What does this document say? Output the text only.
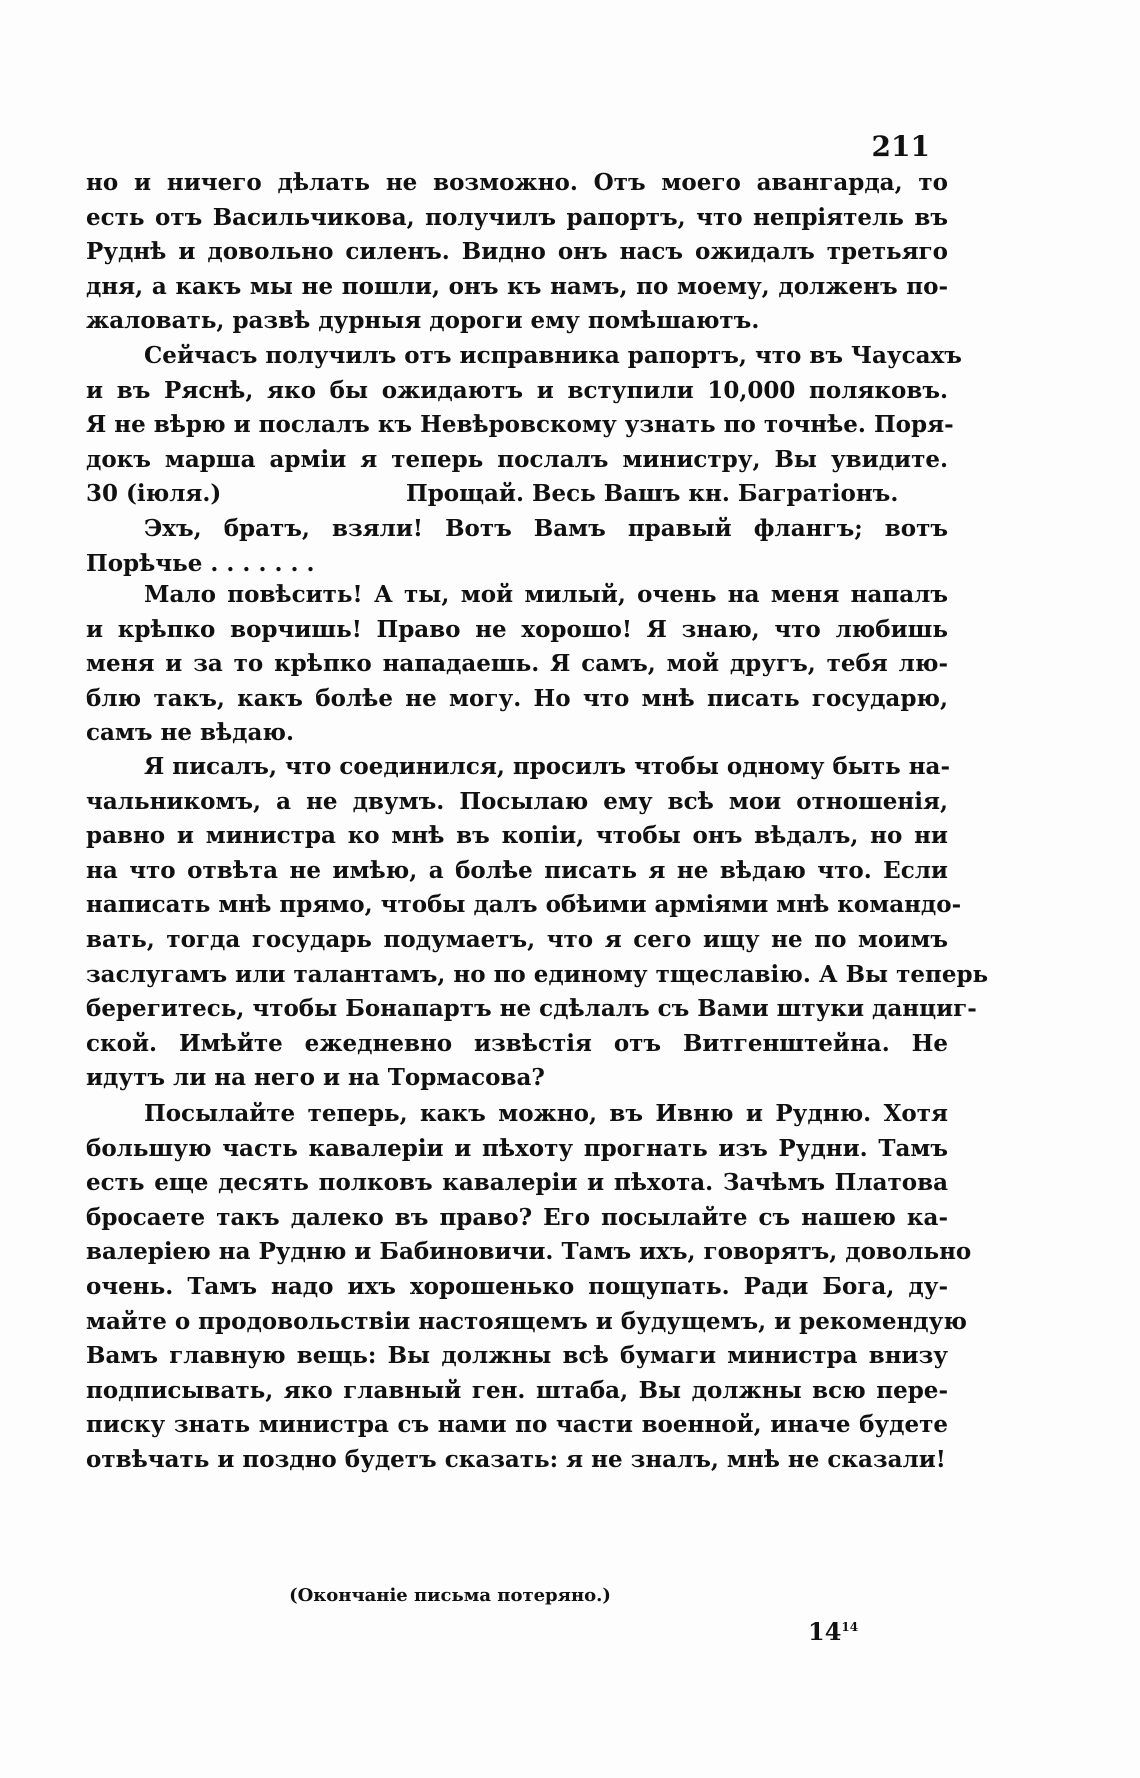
211
но и ничего дѣлать не возможно. Отъ моего авангарда, то
есть отъ Васильчикова, получилъ рапортъ, что непріятель въ
Руднѣ и довольно силенъ. Видно онъ насъ ожидалъ третьяго
дня, а какъ мы не пошли, онъ къ намъ, по моему, долженъ по-
жаловать, развѣ дурныя дороги ему помѣшаютъ.
Сейчасъ получилъ отъ исправника рапортъ, что въ Чаусахъ
и въ Ряснѣ, яко бы ожидаютъ и вступили 10,000 поляковъ.
Я не вѣрю и послалъ къ Невѣровскому узнать по точнѣе. Поря-
докъ марша арміи я теперь послалъ министру, Вы увидите.
30 (іюля.)	Прощай. Весь Вашъ кн. Багратіонъ.
Эхъ, братъ, взяли! Вотъ Вамъ правый флангъ; вотъ
Порѣчье . . . . . . .
Мало повѣсить! А ты, мой милый, очень на меня напалъ
и крѣпко ворчишь! Право не хорошо! Я знаю, что любишь
меня и за то крѣпко нападаешь. Я самъ, мой другъ, тебя лю-
блю такъ, какъ болѣе не могу. Но что мнѣ писать государю,
самъ не вѣдаю.
Я писалъ, что соединился, просилъ чтобы одному быть на-
чальникомъ, а не двумъ. Посылаю ему всѣ мои отношенія,
равно и министра ко мнѣ въ копіи, чтобы онъ вѣдалъ, но ни
на что отвѣта не имѣю, а болѣе писать я не вѣдаю что. Если
написать мнѣ прямо, чтобы далъ обѣими арміями мнѣ командо-
вать, тогда государь подумаетъ, что я сего ищу не по моимъ
заслугамъ или талантамъ, но по единому тщеславію. А Вы теперь
берегитесь, чтобы Бонапартъ не сдѣлалъ съ Вами штуки данциг-
ской. Имѣйте ежедневно извѣстія отъ Витгенштейна. Не
идутъ ли на него и на Тормасова?
Посылайте теперь, какъ можно, въ Ивню и Рудню. Хотя
большую часть кавалеріи и пѣхоту прогнать изъ Рудни. Тамъ
есть еще десять полковъ кавалеріи и пѣхота. Зачѣмъ Платова
бросаете такъ далеко въ право? Его посылайте съ нашею ка-
валеріею на Рудню и Бабиновичи. Тамъ ихъ, говорятъ, довольно
очень. Тамъ надо ихъ хорошенько пощупать. Ради Бога, ду-
майте о продовольствіи настоящемъ и будущемъ, и рекомендую
Вамъ главную вещь: Вы должны всѣ бумаги министра внизу
подписывать, яко главный ген. штаба, Вы должны всю пере-
писку знать министра съ нами по части военной, иначе будете
отвѣчать и поздно будетъ сказать: я не зналъ, мнѣ не сказали!
(Окончаніе письма потеряно.)
$14^{14}$
